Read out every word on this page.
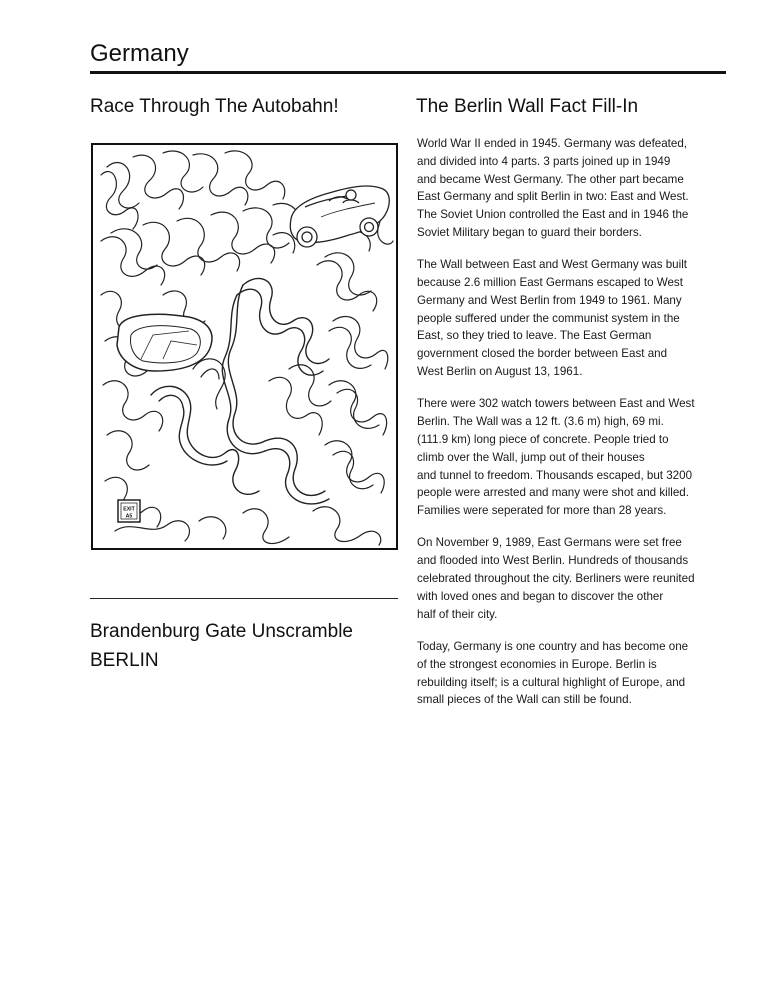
Germany
Race Through The Autobahn!	The Berlin Wall Fact Fill-In
EXIT
A5

World War II ended in 1945. Germany was defeated,
and divided into 4 parts. 3 parts joined up in 1949
and became West Germany. The other part became
East Germany and split Berlin in two: East and West.
The Soviet Union controlled the East and in 1946 the
Soviet Military began to guard their borders.

The Wall between East and West Germany was built
because 2.6 million East Germans escaped to West
Germany and West Berlin from 1949 to 1961. Many
people suffered under the communist system in the
East, so they tried to leave. The East German
government closed the border between East and
West Berlin on August 13, 1961.

There were 302 watch towers between East and West
Berlin. The Wall was a 12 ft. (3.6 m) high, 69 mi.
(111.9 km) long piece of concrete. People tried to
climb over the Wall, jump out of their houses
and tunnel to freedom. Thousands escaped, but 3200
people were arrested and many were shot and killed.
Families were seperated for more than 28 years.

On November 9, 1989, East Germans were set free
and flooded into West Berlin. Hundreds of thousands
celebrated throughout the city. Berliners were reunited
with loved ones and began to discover the other
half of their city.

Today, Germany is one country and has become one
of the strongest economies in Europe. Berlin is
rebuilding itself; is a cultural highlight of Europe, and
small pieces of the Wall can still be found.

Brandenburg Gate Unscramble

BERLIN
